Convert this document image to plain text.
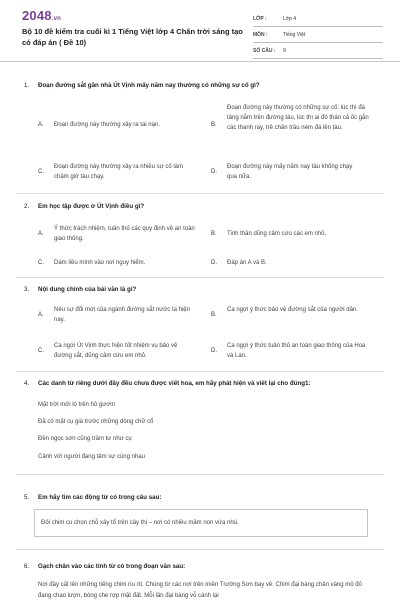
2048.vn
Bộ 10 đề kiểm tra cuối kì 1 Tiếng Việt lớp 4 Chân trời sáng tạo có đáp án ( Đề 10)
LỚP :	Lớp 4
MÔN :	Tiếng Việt
SỐ CÂU : 9
1. Đoạn đường sắt gần nhà Út Vịnh mấy năm nay thường có những sự cố gì?
A.	Đoạn đường này thường xảy ra tai nạn.	B.
Đoạn đường này thường có những sự cố: lúc thì đá tảng nằm trên đường tàu, lúc thì ai đó tháo cả ốc gắn các thanh ray, trẻ chăn trâu ném đá lên tàu.
C.
Đoạn đường này thường xảy ra nhiều sự cố làm chậm giờ tàu chạy.
D.
Đoạn đường này mấy năm nay tàu không chạy qua nữa.
2. Em học tập được ở Út Vịnh điều gì?
A.
Ý thức trách nhiệm, tuân thủ các quy định về an toàn giao thông.
B.	Tinh thần dũng cảm cứu các em nhỏ.
C.	Dám liều mình vào nơi nguy hiểm.	D.	Đáp án A và B.
3. Nội dung chính của bài văn là gì?
A.
Nêu sự đổi mới của ngành đường sắt nước ta hiện nay.
B.
Ca ngợi ý thức bảo vệ đường sắt của người dân.
C.
Ca ngợi Út Vịnh thực hiện tốt nhiệm vụ bảo vệ đường sắt, dũng cảm cứu em nhỏ.
D.
Ca ngợi ý thức tuân thủ an toàn giao thông của Hoa và Lan.
4. Các danh từ riêng dưới đây đều chưa được viết hoa, em hãy phát hiện và viết lại cho đúng1:
Mặt trời mới ló trên hồ gươm
Đã có mặt cụ già trước những dòng chữ cổ
Đền ngọc sơn cũng trầm tư như cụ
Cảnh với người đang tâm sự cùng nhau
5. Em hãy tìm các động từ có trong câu sau:
Đôi chim cu chọn chỗ xây tổ trên cây thị – nơi có nhiều mầm non vừa nhú.
6. Gạch chân vào các tính từ có trong đoạn văn sau:
Nơi đây cất lên những tiếng chim ríu rít. Chúng từ các nơi trên miền Trường Sơn bay về. Chim đại bàng chân vàng mỏ đỏ đang chao lượn, bóng che rợp mặt đất. Mỗi lần đại bàng vỗ cánh lại
